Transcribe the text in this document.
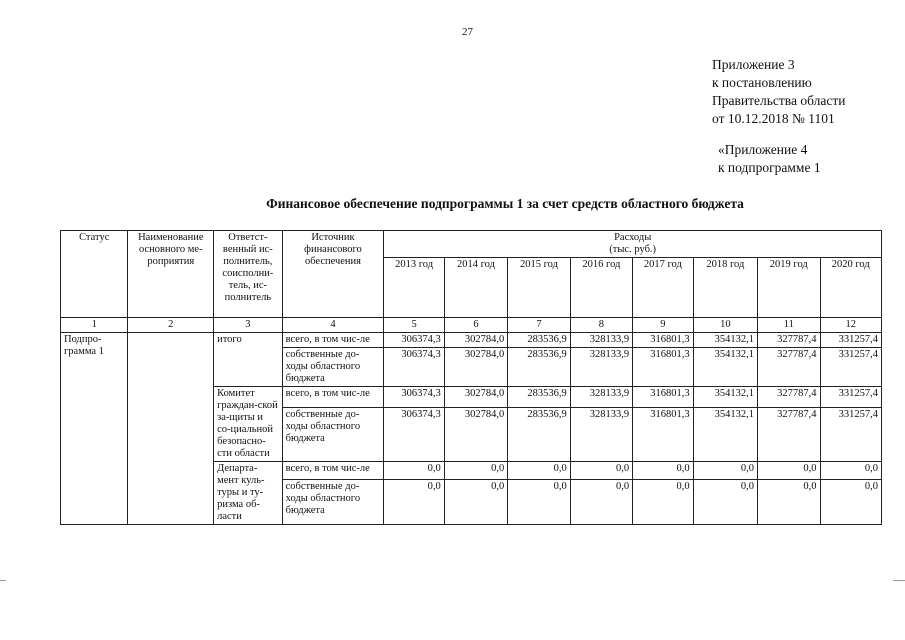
27
Приложение 3
к постановлению
Правительства области
от 10.12.2018 № 1101
«Приложение 4
к подпрограмме 1
Финансовое обеспечение подпрограммы 1 за счет средств областного бюджета
Статус	Наименование основного ме-роприятия	Ответст-венный ис-полнитель, соисполни-тель, ис-полнитель	Источник финансового обеспечения	Расходы
(тыс. руб.)							

				2013 год	2014 год	2015 год	2016 год	2017 год	2018 год	2019 год	2020 год
1	2	3	4	5	6	7	8	9	10	11	12
Подпро-грамма 1		итого	всего, в том чис-ле	306374,3	302784,0	283536,9	328133,9	316801,3	354132,1	327787,4	331257,4
			собственные до-ходы областного бюджета	306374,3	302784,0	283536,9	328133,9	316801,3	354132,1	327787,4	331257,4
		Комитет граждан-ской за-щиты и со-циальной безопасно-сти области	всего, в том чис-ле	306374,3	302784,0	283536,9	328133,9	316801,3	354132,1	327787,4	331257,4
			собственные до-ходы областного бюджета	306374,3	302784,0	283536,9	328133,9	316801,3	354132,1	327787,4	331257,4
		Департа-мент куль-туры и ту-ризма об-ласти	всего, в том чис-ле	0,0	0,0	0,0	0,0	0,0	0,0	0,0	0,0
			собственные до-ходы областного бюджета	0,0	0,0	0,0	0,0	0,0	0,0	0,0	0,0
